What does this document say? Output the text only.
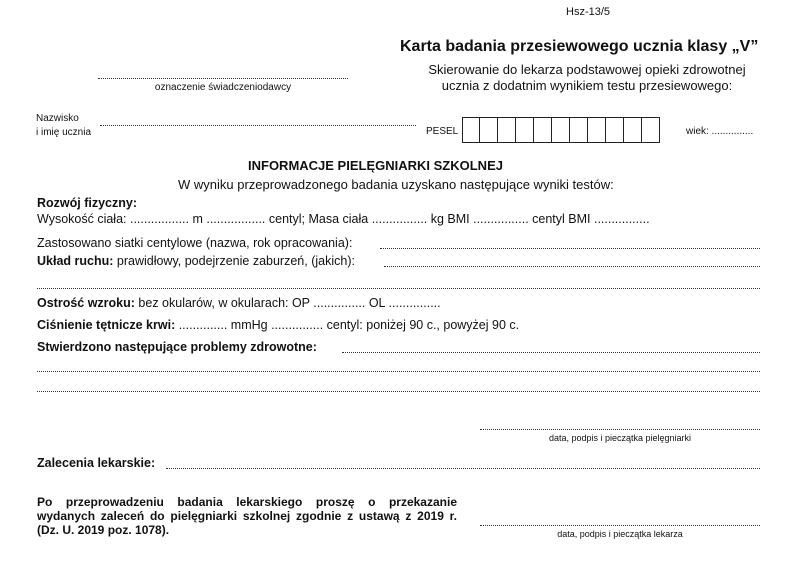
Hsz-13/5
Karta badania przesiewowego ucznia klasy „V”
Skierowanie do lekarza podstawowej opieki zdrowotnej ucznia z dodatnim wynikiem testu przesiewowego:
oznaczenie świadczeniodawcy
Nazwisko
i imię ucznia	PESEL	wiek: ...............
INFORMACJE PIELĘGNIARKI SZKOLNEJ
W wyniku przeprowadzonego badania uzyskano następujące wyniki testów:
Rozwój fizyczny:
Wysokość ciała: ................. m ................. centyl; Masa ciała ................ kg BMI ................ centyl BMI ................
Zastosowano siatki centylowe (nazwa, rok opracowania):
Układ ruchu: prawidłowy, podejrzenie zaburzeń, (jakich):
Ostrość wzroku: bez okularów, w okularach: OP ............... OL ...............
Ciśnienie tętnicze krwi: .............. mmHg ............... centyl: poniżej 90 c., powyżej 90 c.
Stwierdzono następujące problemy zdrowotne:
data, podpis i pieczątka pielęgniarki
Zalecenia lekarskie:
Po przeprowadzeniu badania lekarskiego proszę o przekazanie wydanych zaleceń do pielęgniarki szkolnej zgodnie z ustawą z 2019 r. (Dz. U. 2019 poz. 1078).	data, podpis i pieczątka lekarza
